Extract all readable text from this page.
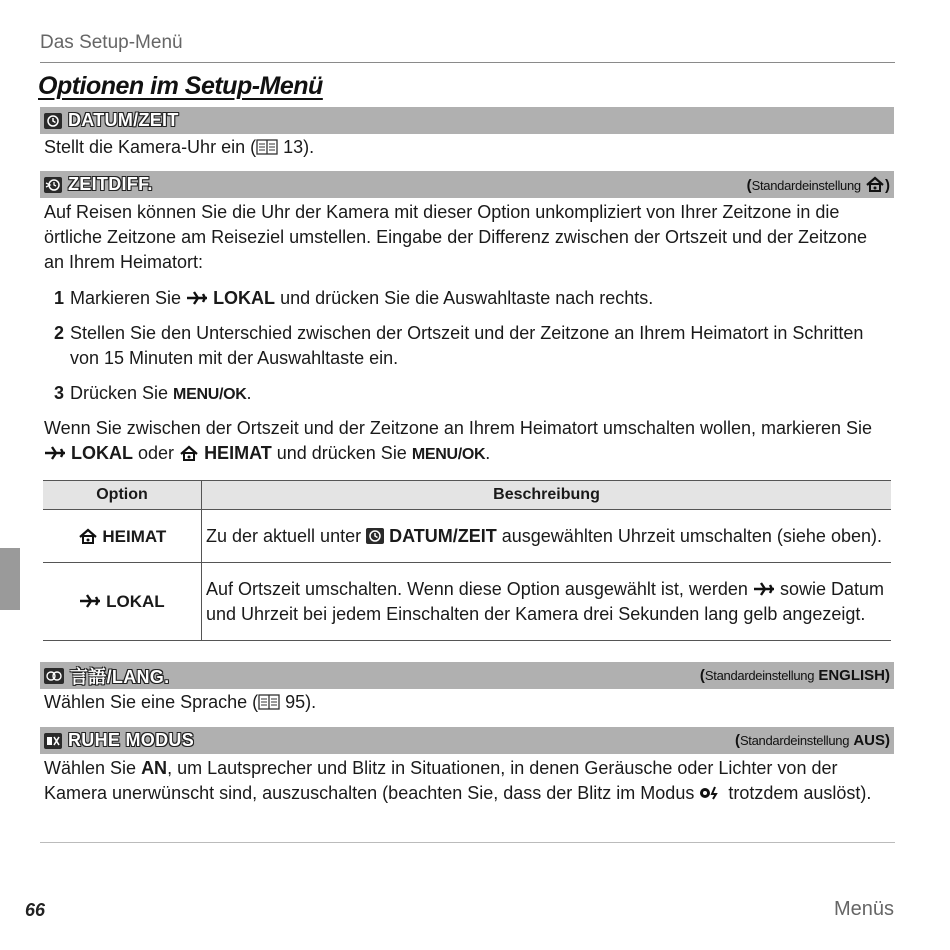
Das Setup-Menü
Optionen im Setup-Menü
DATUM/ZEIT
Stellt die Kamera-Uhr ein ( 13).
ZEITDIFF.	(Standardeinstellung )
Auf Reisen können Sie die Uhr der Kamera mit dieser Option unkompliziert von Ihrer Zeitzone in die örtliche Zeitzone am Reiseziel umstellen. Eingabe der Differenz zwischen der Ortszeit und der Zeitzone an Ihrem Heimatort:
1 Markieren Sie  LOKAL und drücken Sie die Auswahltaste nach rechts.
2 Stellen Sie den Unterschied zwischen der Ortszeit und der Zeitzone an Ihrem Heimatort in Schritten von 15 Minuten mit der Auswahltaste ein.
3 Drücken Sie MENU/OK.
Wenn Sie zwischen der Ortszeit und der Zeitzone an Ihrem Heimatort umschalten wollen, markieren Sie  LOKAL oder  HEIMAT und drücken Sie MENU/OK.
Option	Beschreibung
HEIMAT	Zu der aktuell unter  DATUM/ZEIT ausgewählten Uhrzeit umschalten (siehe oben).
LOKAL	Auf Ortszeit umschalten. Wenn diese Option ausgewählt ist, werden  sowie Datum und Uhrzeit bei jedem Einschalten der Kamera drei Sekunden lang gelb angezeigt.
言語/LANG.	(Standardeinstellung ENGLISH)
Wählen Sie eine Sprache ( 95).
RUHE MODUS	(Standardeinstellung AUS)
Wählen Sie AN, um Lautsprecher und Blitz in Situationen, in denen Geräusche oder Lichter von der Kamera unerwünscht sind, auszuschalten (beachten Sie, dass der Blitz im Modus  trotzdem auslöst).
66	Menüs
